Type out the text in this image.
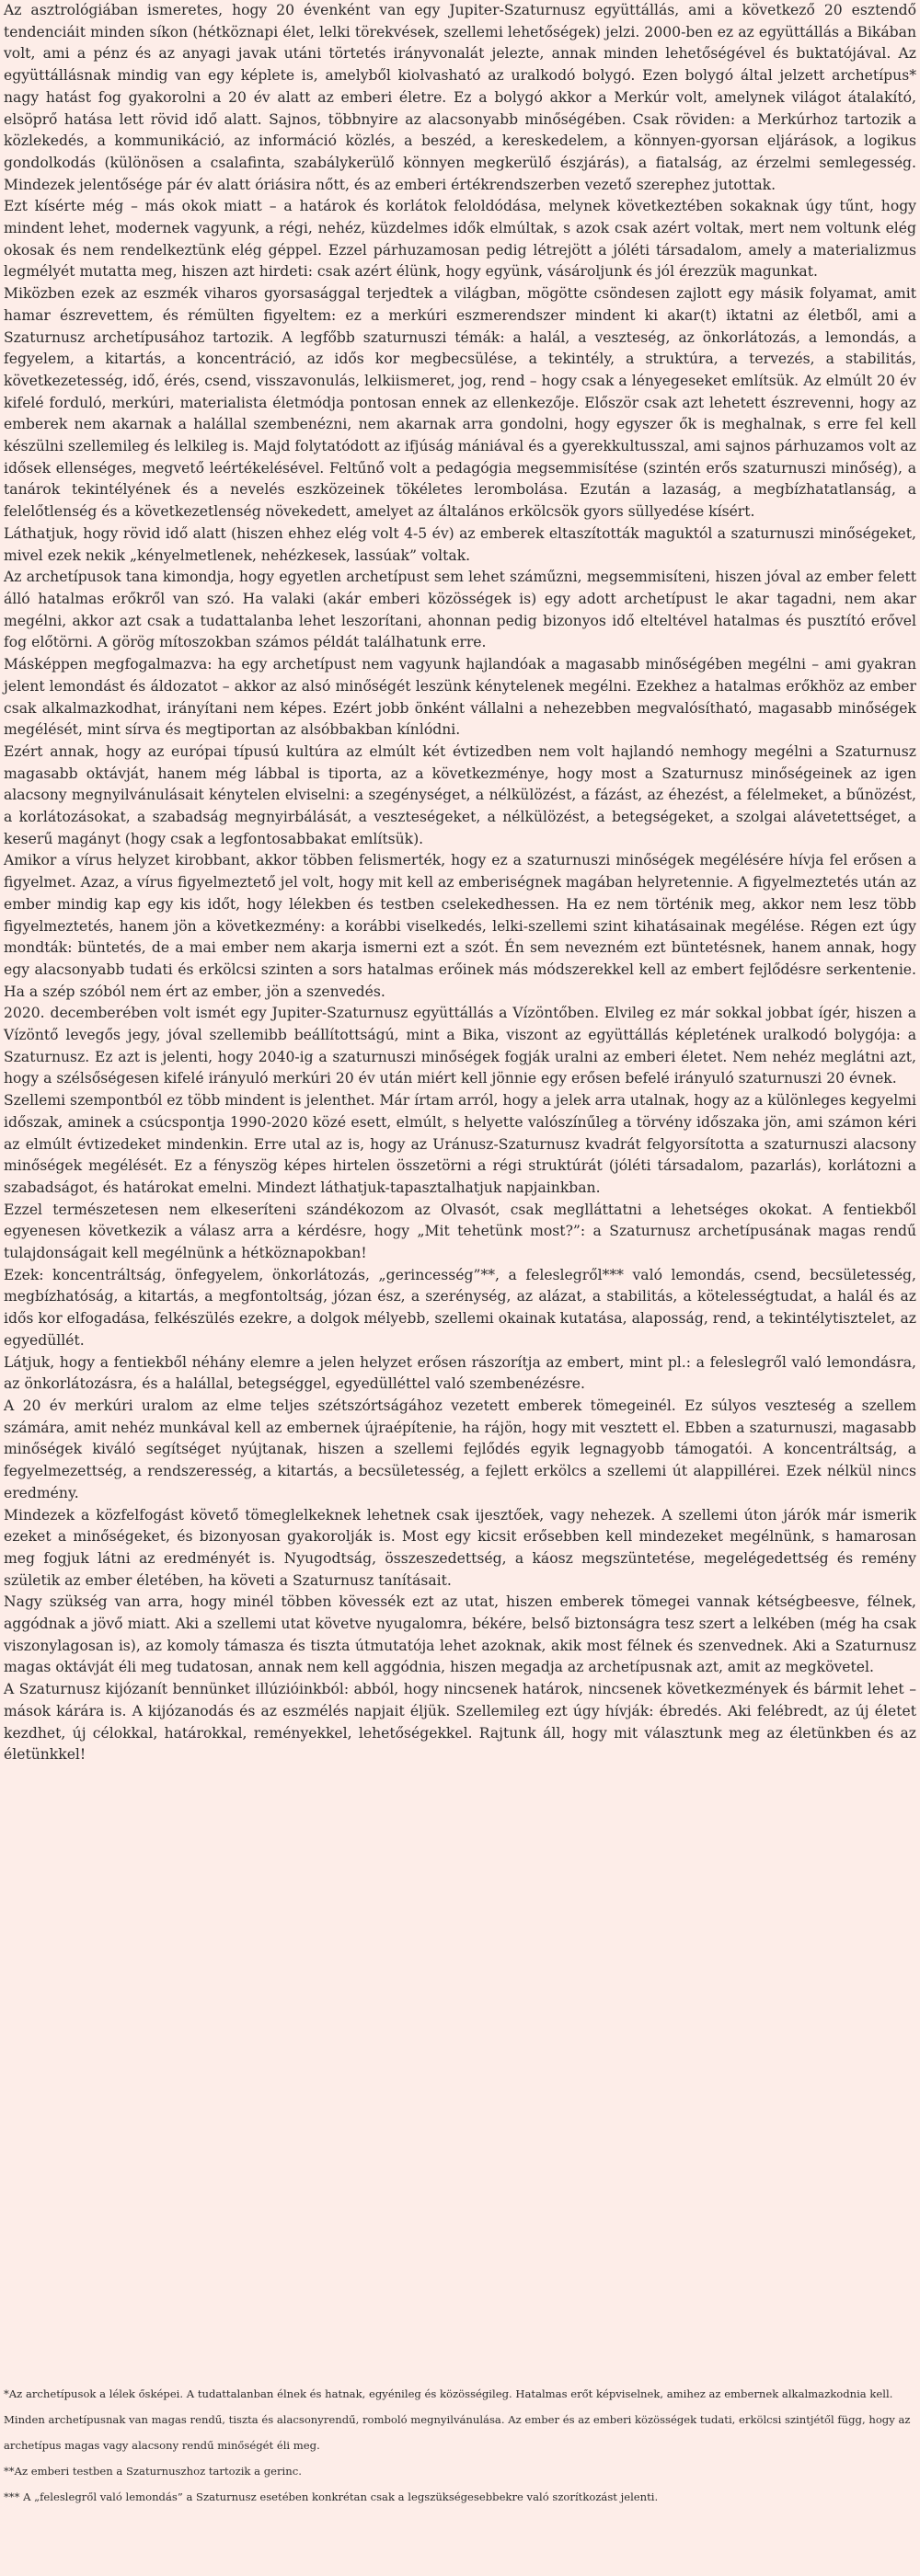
Az asztrológiában ismeretes, hogy 20 évenként van egy Jupiter-Szaturnusz együttállás, ami a következő 20 esztendő tendenciáit minden síkon (hétköznapi élet, lelki törekvések, szellemi lehetőségek) jelzi. 2000-ben ez az együttállás a Bikában volt, ami a pénz és az anyagi javak utáni törtetés irányvonalát jelezte, annak minden lehetőségével és buktatójával. Az együttállásnak mindig van egy képlete is, amelyből kiolvasható az uralkodó bolygó. Ezen bolygó által jelzett archetípus* nagy hatást fog gyakorolni a 20 év alatt az emberi életre. Ez a bolygó akkor a Merkúr volt, amelynek világot átalakító, elsöprő hatása lett rövid idő alatt. Sajnos, többnyire az alacsonyabb minőségében. Csak röviden: a Merkúrhoz tartozik a közlekedés, a kommunikáció, az információ közlés, a beszéd, a kereskedelem, a könnyen-gyorsan eljárások, a logikus gondolkodás (különösen a csalafinta, szabálykerülő könnyen megkerülő észjárás), a fiatalság, az érzelmi semlegesség. Mindezek jelentősége pár év alatt óriásira nőtt, és az emberi értékrendszerben vezető szerephez jutottak.

Ezt kísérte még – más okok miatt – a határok és korlátok feloldódása, melynek következtében sokaknak úgy tűnt, hogy mindent lehet, modernek vagyunk, a régi, nehéz, küzdelmes idők elmúltak, s azok csak azért voltak, mert nem voltunk elég okosak és nem rendelkeztünk elég géppel. Ezzel párhuzamosan pedig létrejött a jóléti társadalom, amely a materializmus legmélyét mutatta meg, hiszen azt hirdeti: csak azért élünk, hogy együnk, vásároljunk és jól érezzük magunkat.

Miközben ezek az eszmék viharos gyorsasággal terjedtek a világban, mögötte csöndesen zajlott egy másik folyamat, amit hamar észrevettem, és rémülten figyeltem: ez a merkúri eszmerendszer mindent ki akar(t) iktatni az életből, ami a Szaturnusz archetípusához tartozik. A legfőbb szaturnuszi témák: a halál, a veszteség, az önkorlátozás, a lemondás, a fegyelem, a kitartás, a koncentráció, az idős kor megbecsülése, a tekintély, a struktúra, a tervezés, a stabilitás, következetesség, idő, érés, csend, visszavonulás, lelkiismeret, jog, rend – hogy csak a lényegeseket említsük. Az elmúlt 20 év kifelé forduló, merkúri, materialista életmódja pontosan ennek az ellenkezője. Először csak azt lehetett észrevenni, hogy az emberek nem akarnak a halállal szembenézni, nem akarnak arra gondolni, hogy egyszer ők is meghalnak, s erre fel kell készülni szellemileg és lelkileg is. Majd folytatódott az ifjúság mániával és a gyerekkultusszal, ami sajnos párhuzamos volt az idősek ellenséges, megvető leértékelésével. Feltűnő volt a pedagógia megsemmisítése (szintén erős szaturnuszi minőség), a tanárok tekintélyének és a nevelés eszközeinek tökéletes lerombolása. Ezután a lazaság, a megbízhatatlanság, a felelőtlenség és a következetlenség növekedett, amelyet az általános erkölcsök gyors süllyedése kísért.

Láthatjuk, hogy rövid idő alatt (hiszen ehhez elég volt 4-5 év) az emberek eltaszították maguktól a szaturnuszi minőségeket, mivel ezek nekik „kényelmetlenek, nehézkesek, lassúak” voltak.

Az archetípusok tana kimondja, hogy egyetlen archetípust sem lehet száműzni, megsemmisíteni, hiszen jóval az ember felett álló hatalmas erőkről van szó. Ha valaki (akár emberi közösségek is) egy adott archetípust le akar tagadni, nem akar megélni, akkor azt csak a tudattalanba lehet leszorítani, ahonnan pedig bizonyos idő elteltével hatalmas és pusztító erővel fog előtörni. A görög mítoszokban számos példát találhatunk erre.

Másképpen megfogalmazva: ha egy archetípust nem vagyunk hajlandóak a magasabb minőségében megélni – ami gyakran jelent lemondást és áldozatot – akkor az alsó minőségét leszünk kénytelenek megélni. Ezekhez a hatalmas erőkhöz az ember csak alkalmazkodhat, irányítani nem képes. Ezért jobb önként vállalni a nehezebben megvalósítható, magasabb minőségek megélését, mint sírva és megtiportan az alsóbbakban kínlódni.

Ezért annak, hogy az európai típusú kultúra az elmúlt két évtizedben nem volt hajlandó nemhogy megélni a Szaturnusz magasabb oktávját, hanem még lábbal is tiporta, az a következménye, hogy most a Szaturnusz minőségeinek az igen alacsony megnyilvánulásait kénytelen elviselni: a szegénységet, a nélkülözést, a fázást, az éhezést, a félelmeket, a bűnözést, a korlátozásokat, a szabadság megnyirbálását, a veszteségeket, a nélkülözést, a betegségeket, a szolgai alávetettséget, a keserű magányt (hogy csak a legfontosabbakat említsük).

Amikor a vírus helyzet kirobbant, akkor többen felismerték, hogy ez a szaturnuszi minőségek megélésére hívja fel erősen a figyelmet. Azaz, a vírus figyelmeztető jel volt, hogy mit kell az emberiségnek magában helyretennie. A figyelmeztetés után az ember mindig kap egy kis időt, hogy lélekben és testben cselekedhessen. Ha ez nem történik meg, akkor nem lesz több figyelmeztetés, hanem jön a következmény: a korábbi viselkedés, lelki-szellemi szint kihatásainak megélése. Régen ezt úgy mondták: büntetés, de a mai ember nem akarja ismerni ezt a szót. Én sem nevezném ezt büntetésnek, hanem annak, hogy egy alacsonyabb tudati és erkölcsi szinten a sors hatalmas erőinek más módszerekkel kell az embert fejlődésre serkentenie. Ha a szép szóból nem ért az ember, jön a szenvedés.

2020. decemberében volt ismét egy Jupiter-Szaturnusz együttállás a Vízöntőben. Elvileg ez már sokkal jobbat ígér, hiszen a Vízöntő levegős jegy, jóval szellemibb beállítottságú, mint a Bika, viszont az együttállás képletének uralkodó bolygója: a Szaturnusz. Ez azt is jelenti, hogy 2040-ig a szaturnuszi minőségek fogják uralni az emberi életet. Nem nehéz meglátni azt, hogy a szélsőségesen kifelé irányuló merkúri 20 év után miért kell jönnie egy erősen befelé irányuló szaturnuszi 20 évnek.

Szellemi szempontból ez több mindent is jelenthet. Már írtam arról, hogy a jelek arra utalnak, hogy az a különleges kegyelmi időszak, aminek a csúcspontja 1990-2020 közé esett, elmúlt, s helyette valószínűleg a törvény időszaka jön, ami számon kéri az elmúlt évtizedeket mindenkin. Erre utal az is, hogy az Uránusz-Szaturnusz kvadrát felgyorsította a szaturnuszi alacsony minőségek megélését. Ez a fényszög képes hirtelen összetörni a régi struktúrát (jóléti társadalom, pazarlás), korlátozni a szabadságot, és határokat emelni. Mindezt láthatjuk-tapasztalhatjuk napjainkban.

Ezzel természetesen nem elkeseríteni szándékozom az Olvasót, csak meglláttatni a lehetséges okokat. A fentiekből egyenesen következik a válasz arra a kérdésre, hogy „Mit tehetünk most?”: a Szaturnusz archetípusának magas rendű tulajdonságait kell megélnünk a hétköznapokban!

Ezek: koncentráltság, önfegyelem, önkorlátozás, „gerincesség”**, a feleslegről*** való lemondás, csend, becsületesség, megbízhatóság, a kitartás, a megfontoltság, józan ész, a szerénység, az alázat, a stabilitás, a kötelességtudat, a halál és az idős kor elfogadása, felkészülés ezekre, a dolgok mélyebb, szellemi okainak kutatása, alaposság, rend, a tekintélytisztelet, az egyedüllét.

Látjuk, hogy a fentiekből néhány elemre a jelen helyzet erősen rászorítja az embert, mint pl.: a feleslegről való lemondásra, az önkorlátozásra, és a halállal, betegséggel, egyedülléttel való szembenézésre.

A 20 év merkúri uralom az elme teljes szétszórtságához vezetett emberek tömegeinél. Ez súlyos veszteség a szellem számára, amit nehéz munkával kell az embernek újraépítenie, ha rájön, hogy mit vesztett el. Ebben a szaturnuszi, magasabb minőségek kiváló segítséget nyújtanak, hiszen a szellemi fejlődés egyik legnagyobb támogatói. A koncentráltság, a fegyelmezettség, a rendszeresség, a kitartás, a becsületesség, a fejlett erkölcs a szellemi út alappillérei. Ezek nélkül nincs eredmény.

Mindezek a közfelfogást követő tömeglelkeknek lehetnek csak ijesztőek, vagy nehezek. A szellemi úton járók már ismerik ezeket a minőségeket, és bizonyosan gyakorolják is. Most egy kicsit erősebben kell mindezeket megélnünk, s hamarosan meg fogjuk látni az eredményét is. Nyugodtság, összeszedettség, a káosz megszüntetése, megelégedettség és remény születik az ember életében, ha követi a Szaturnusz tanításait.

Nagy szükség van arra, hogy minél többen kövessék ezt az utat, hiszen emberek tömegei vannak kétségbeesve, félnek, aggódnak a jövő miatt. Aki a szellemi utat követve nyugalomra, békére, belső biztonságra tesz szert a lelkében (még ha csak viszonylagosan is), az komoly támasza és tiszta útmutatója lehet azoknak, akik most félnek és szenvednek. Aki a Szaturnusz magas oktávját éli meg tudatosan, annak nem kell aggódnia, hiszen megadja az archetípusnak azt, amit az megkövetel.

A Szaturnusz kijózanít bennünket illúzióinkból: abból, hogy nincsenek határok, nincsenek következmények és bármit lehet – mások kárára is. A kijózanodás és az eszmélés napjait éljük. Szellemileg ezt úgy hívják: ébredés. Aki felébredt, az új életet kezdhet, új célokkal, határokkal, reményekkel, lehetőségekkel. Rajtunk áll, hogy mit választunk meg az életünkben és az életünkkel!

*Az archetípusok a lélek ősképei. A tudattalanban élnek és hatnak, egyénileg és közösségileg. Hatalmas erőt képviselnek, amihez az embernek alkalmazkodnia kell.

Minden archetípusnak van magas rendű, tiszta és alacsonyrendű, romboló megnyilvánulása. Az ember és az emberi közösségek tudati, erkölcsi szintjétől függ, hogy az archetípus magas vagy alacsony rendű minőségét éli meg.

**Az emberi testben a Szaturnuszhoz tartozik a gerinc.

*** A „feleslegről való lemondás” a Szaturnusz esetében konkrétan csak a legszükségesebbekre való szorítkozást jelenti.
